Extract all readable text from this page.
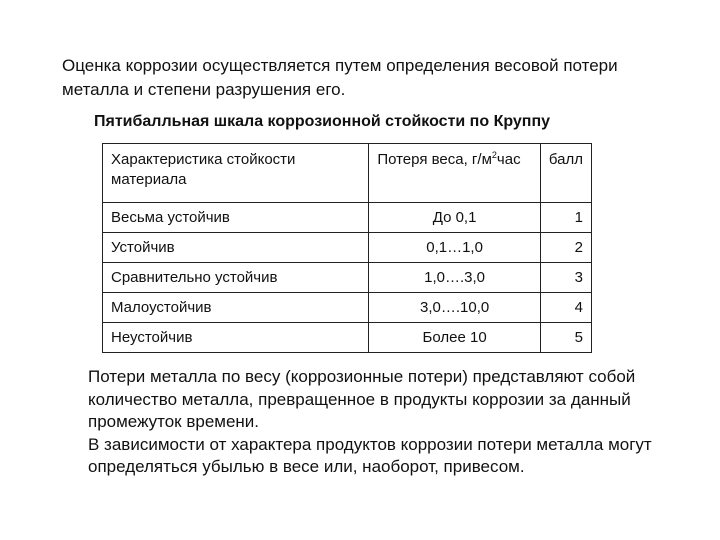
Оценка коррозии осуществляется путем определения весовой потери металла и степени разрушения его.
Пятибалльная шкала коррозионной стойкости по Круппу
Характеристика стойкости материала	Потеря веса, $г/м^2час$	балл
Весьма устойчив	До 0,1	1
Устойчив	0,1…1,0	2
Сравнительно устойчив	1,0….3,0	3
Малоустойчив	3,0….10,0	4
Неустойчив	Более 10	5
Потери металла по весу (коррозионные потери) представляют собой количество металла, превращенное в продукты коррозии за данный промежуток времени.
В зависимости от характера продуктов коррозии потери металла могут определяться убылью в весе или, наоборот, привесом.
